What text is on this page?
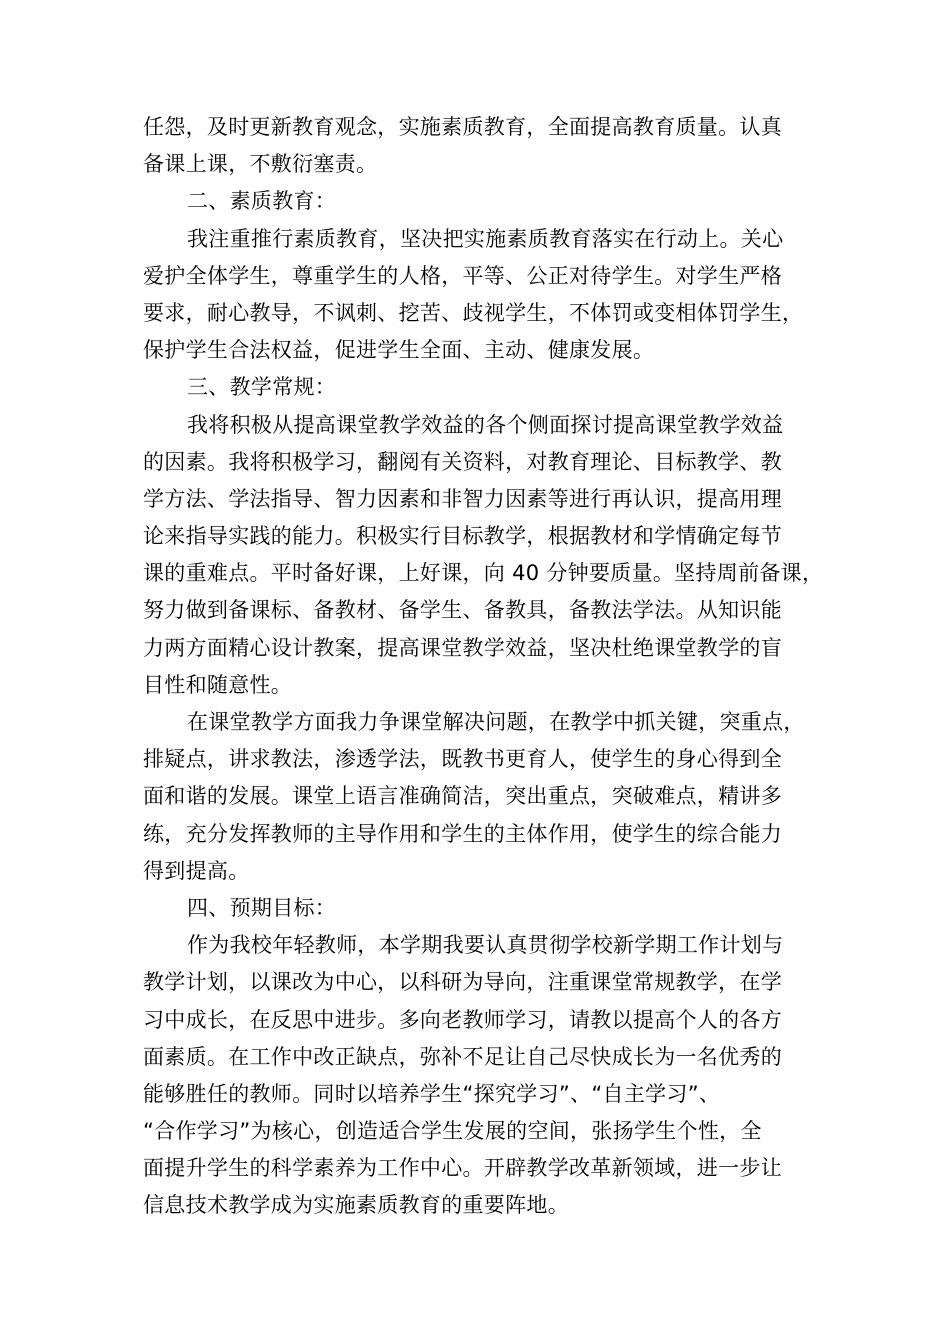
任怨，及时更新教育观念，实施素质教育，全面提高教育质量。认真
备课上课，不敷衍塞责。
二、素质教育：
我注重推行素质教育，坚决把实施素质教育落实在行动上。关心
爱护全体学生，尊重学生的人格，平等、公正对待学生。对学生严格
要求，耐心教导，不讽刺、挖苦、歧视学生，不体罚或变相体罚学生，
保护学生合法权益，促进学生全面、主动、健康发展。
三、教学常规：
我将积极从提高课堂教学效益的各个侧面探讨提高课堂教学效益
的因素。我将积极学习，翻阅有关资料，对教育理论、目标教学、教
学方法、学法指导、智力因素和非智力因素等进行再认识，提高用理
论来指导实践的能力。积极实行目标教学，根据教材和学情确定每节
课的重难点。平时备好课，上好课，向 40 分钟要质量。坚持周前备课，
努力做到备课标、备教材、备学生、备教具，备教法学法。从知识能
力两方面精心设计教案，提高课堂教学效益，坚决杜绝课堂教学的盲
目性和随意性。
在课堂教学方面我力争课堂解决问题，在教学中抓关键，突重点，
排疑点，讲求教法，渗透学法，既教书更育人，使学生的身心得到全
面和谐的发展。课堂上语言准确简洁，突出重点，突破难点，精讲多
练，充分发挥教师的主导作用和学生的主体作用，使学生的综合能力
得到提高。
四、预期目标：
作为我校年轻教师，本学期我要认真贯彻学校新学期工作计划与
教学计划，以课改为中心，以科研为导向，注重课堂常规教学，在学
习中成长，在反思中进步。多向老教师学习，请教以提高个人的各方
面素质。在工作中改正缺点，弥补不足让自己尽快成长为一名优秀的
能够胜任的教师。同时以培养学生“探究学习”、“自主学习”、
“合作学习”为核心，创造适合学生发展的空间，张扬学生个性，全
面提升学生的科学素养为工作中心。开辟教学改革新领域，进一步让
信息技术教学成为实施素质教育的重要阵地。
